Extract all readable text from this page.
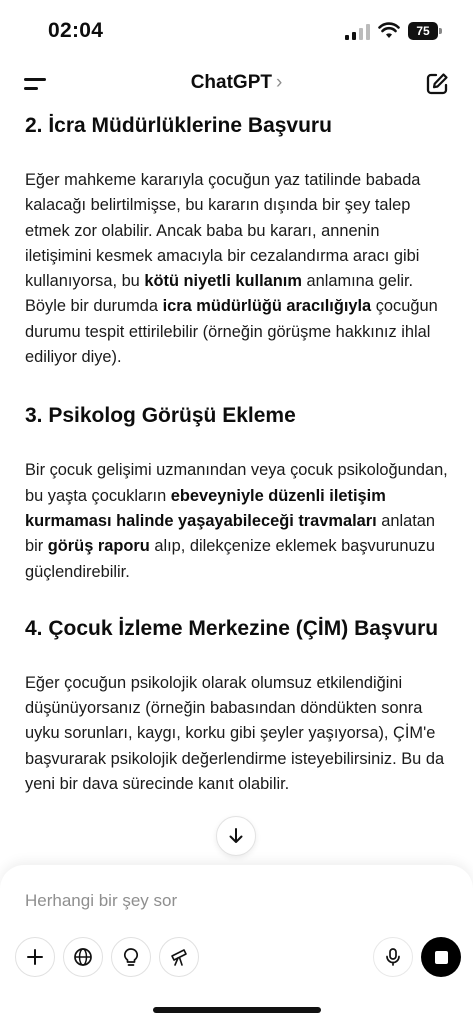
02:04	75
ChatGPT ›
2. İcra Müdürlüklerine Başvuru

Eğer mahkeme kararıyla çocuğun yaz tatilinde babada kalacağı belirtilmişse, bu kararın dışında bir şey talep etmek zor olabilir. Ancak baba bu kararı, annenin iletişimini kesmek amacıyla bir cezalandırma aracı gibi kullanıyorsa, bu kötü niyetli kullanım anlamına gelir. Böyle bir durumda icra müdürlüğü aracılığıyla çocuğun durumu tespit ettirilebilir (örneğin görüşme hakkınız ihlal ediliyor diye).

3. Psikolog Görüşü Ekleme

Bir çocuk gelişimi uzmanından veya çocuk psikoloğundan, bu yaşta çocukların ebeveyniyle düzenli iletişim kurmaması halinde yaşayabileceği travmaları anlatan bir görüş raporu alıp, dilekçenize eklemek başvurunuzu güçlendirebilir.

4. Çocuk İzleme Merkezine (ÇİM) Başvuru

Eğer çocuğun psikolojik olarak olumsuz etkilendiğini düşünüyorsanız (örneğin babasından döndükten sonra uyku sorunları, kaygı, korku gibi şeyler yaşıyorsa), ÇİM'e başvurarak psikolojik değerlendirme isteyebilirsiniz. Bu da yeni bir dava sürecinde kanıt olabilir.

Herhangi bir şey sor
